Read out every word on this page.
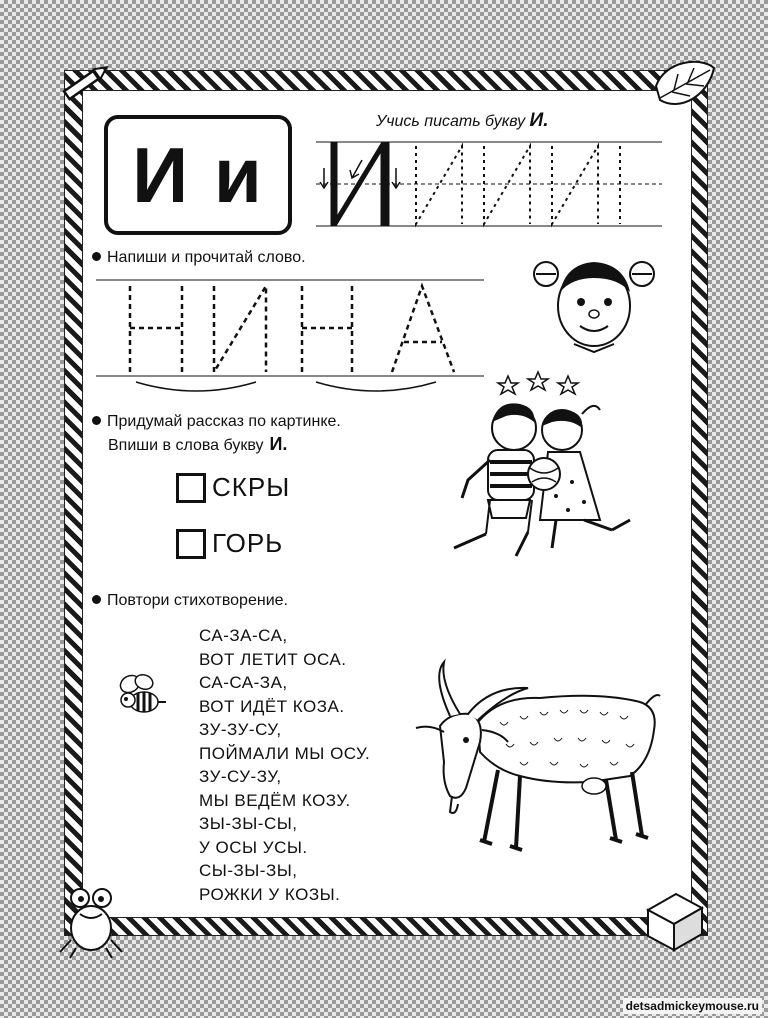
И и
Учись писать букву И.
Напиши и прочитай слово.
Придумай рассказ по картинке.
Впиши в слова букву И.
СКРЫ
ГОРЬ
Повтори стихотворение.
СА-ЗА-СА,
ВОТ ЛЕТИТ ОСА.
СА-СА-ЗА,
ВОТ ИДЁТ КОЗА.
ЗУ-ЗУ-СУ,
ПОЙМАЛИ МЫ ОСУ.
ЗУ-СУ-ЗУ,
МЫ ВЕДЁМ КОЗУ.
ЗЫ-ЗЫ-СЫ,
У ОСЫ УСЫ.
СЫ-ЗЫ-ЗЫ,
РОЖКИ У КОЗЫ.
detsadmickeymouse.ru
